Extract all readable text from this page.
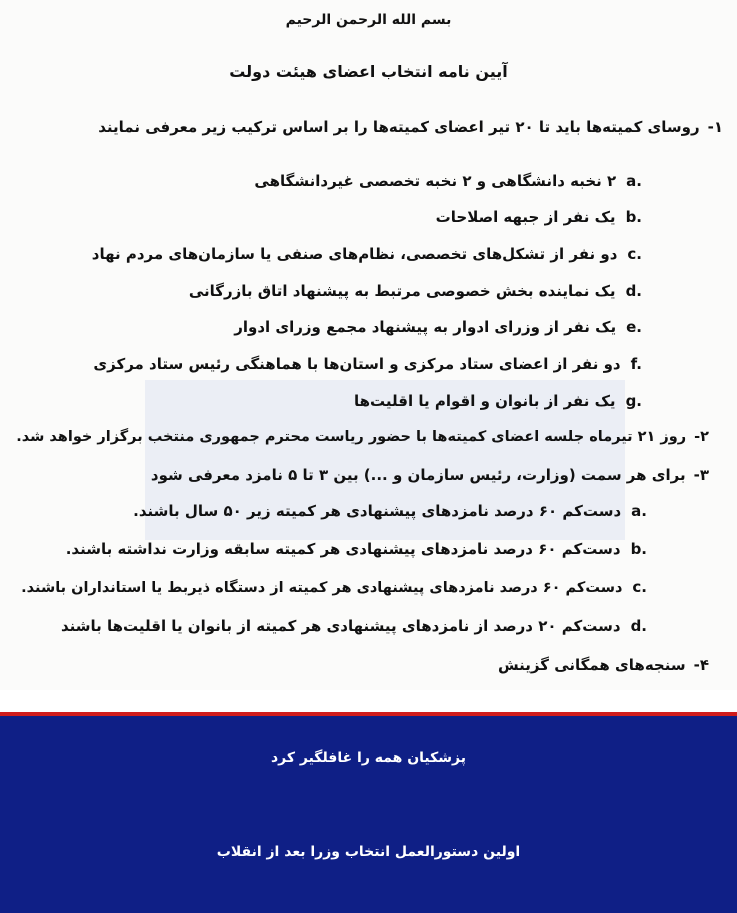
بسم الله الرحمن الرحیم
آیین نامه انتخاب اعضای هیئت دولت
۱-روسای کمیته‌ها باید تا ۲۰ تیر اعضای کمیته‌ها را بر اساس ترکیب زیر معرفی نمایند
a.۲ نخبه دانشگاهی و ۲ نخبه تخصصی غیردانشگاهی
b.یک نفر از جبهه اصلاحات
c.دو نفر از تشکل‌های تخصصی، نظام‌های صنفی یا سازمان‌های مردم نهاد
d.یک نماینده بخش خصوصی مرتبط به پیشنهاد اتاق بازرگانی
e.یک نفر از وزرای ادوار به پیشنهاد مجمع وزرای ادوار
f.دو نفر از اعضای ستاد مرکزی و استان‌ها با هماهنگی رئیس ستاد مرکزی
g.یک نفر از بانوان و اقوام یا اقلیت‌ها
۲-روز ۲۱ تیرماه جلسه اعضای کمیته‌ها با حضور ریاست محترم جمهوری منتخب برگزار خواهد شد.
۳-برای هر سمت (وزارت، رئیس سازمان و ...) بین ۳ تا ۵ نامزد معرفی شود
a.دست‌کم ۶۰ درصد نامزدهای پیشنهادی هر کمیته زیر ۵۰ سال باشند.
b.دست‌کم ۶۰ درصد نامزدهای پیشنهادی هر کمیته سابقه وزارت نداشته باشند.
c.دست‌کم ۶۰ درصد نامزدهای پیشنهادی هر کمیته از دستگاه ذیربط یا استانداران باشند.
d.دست‌کم ۲۰ درصد از نامزدهای پیشنهادی هر کمیته از بانوان یا اقلیت‌ها باشند
۴-سنجه‌های همگانی گزینش
پزشکیان همه را غافلگیر کرد
اولین دستورالعمل انتخاب وزرا بعد از انقلاب
